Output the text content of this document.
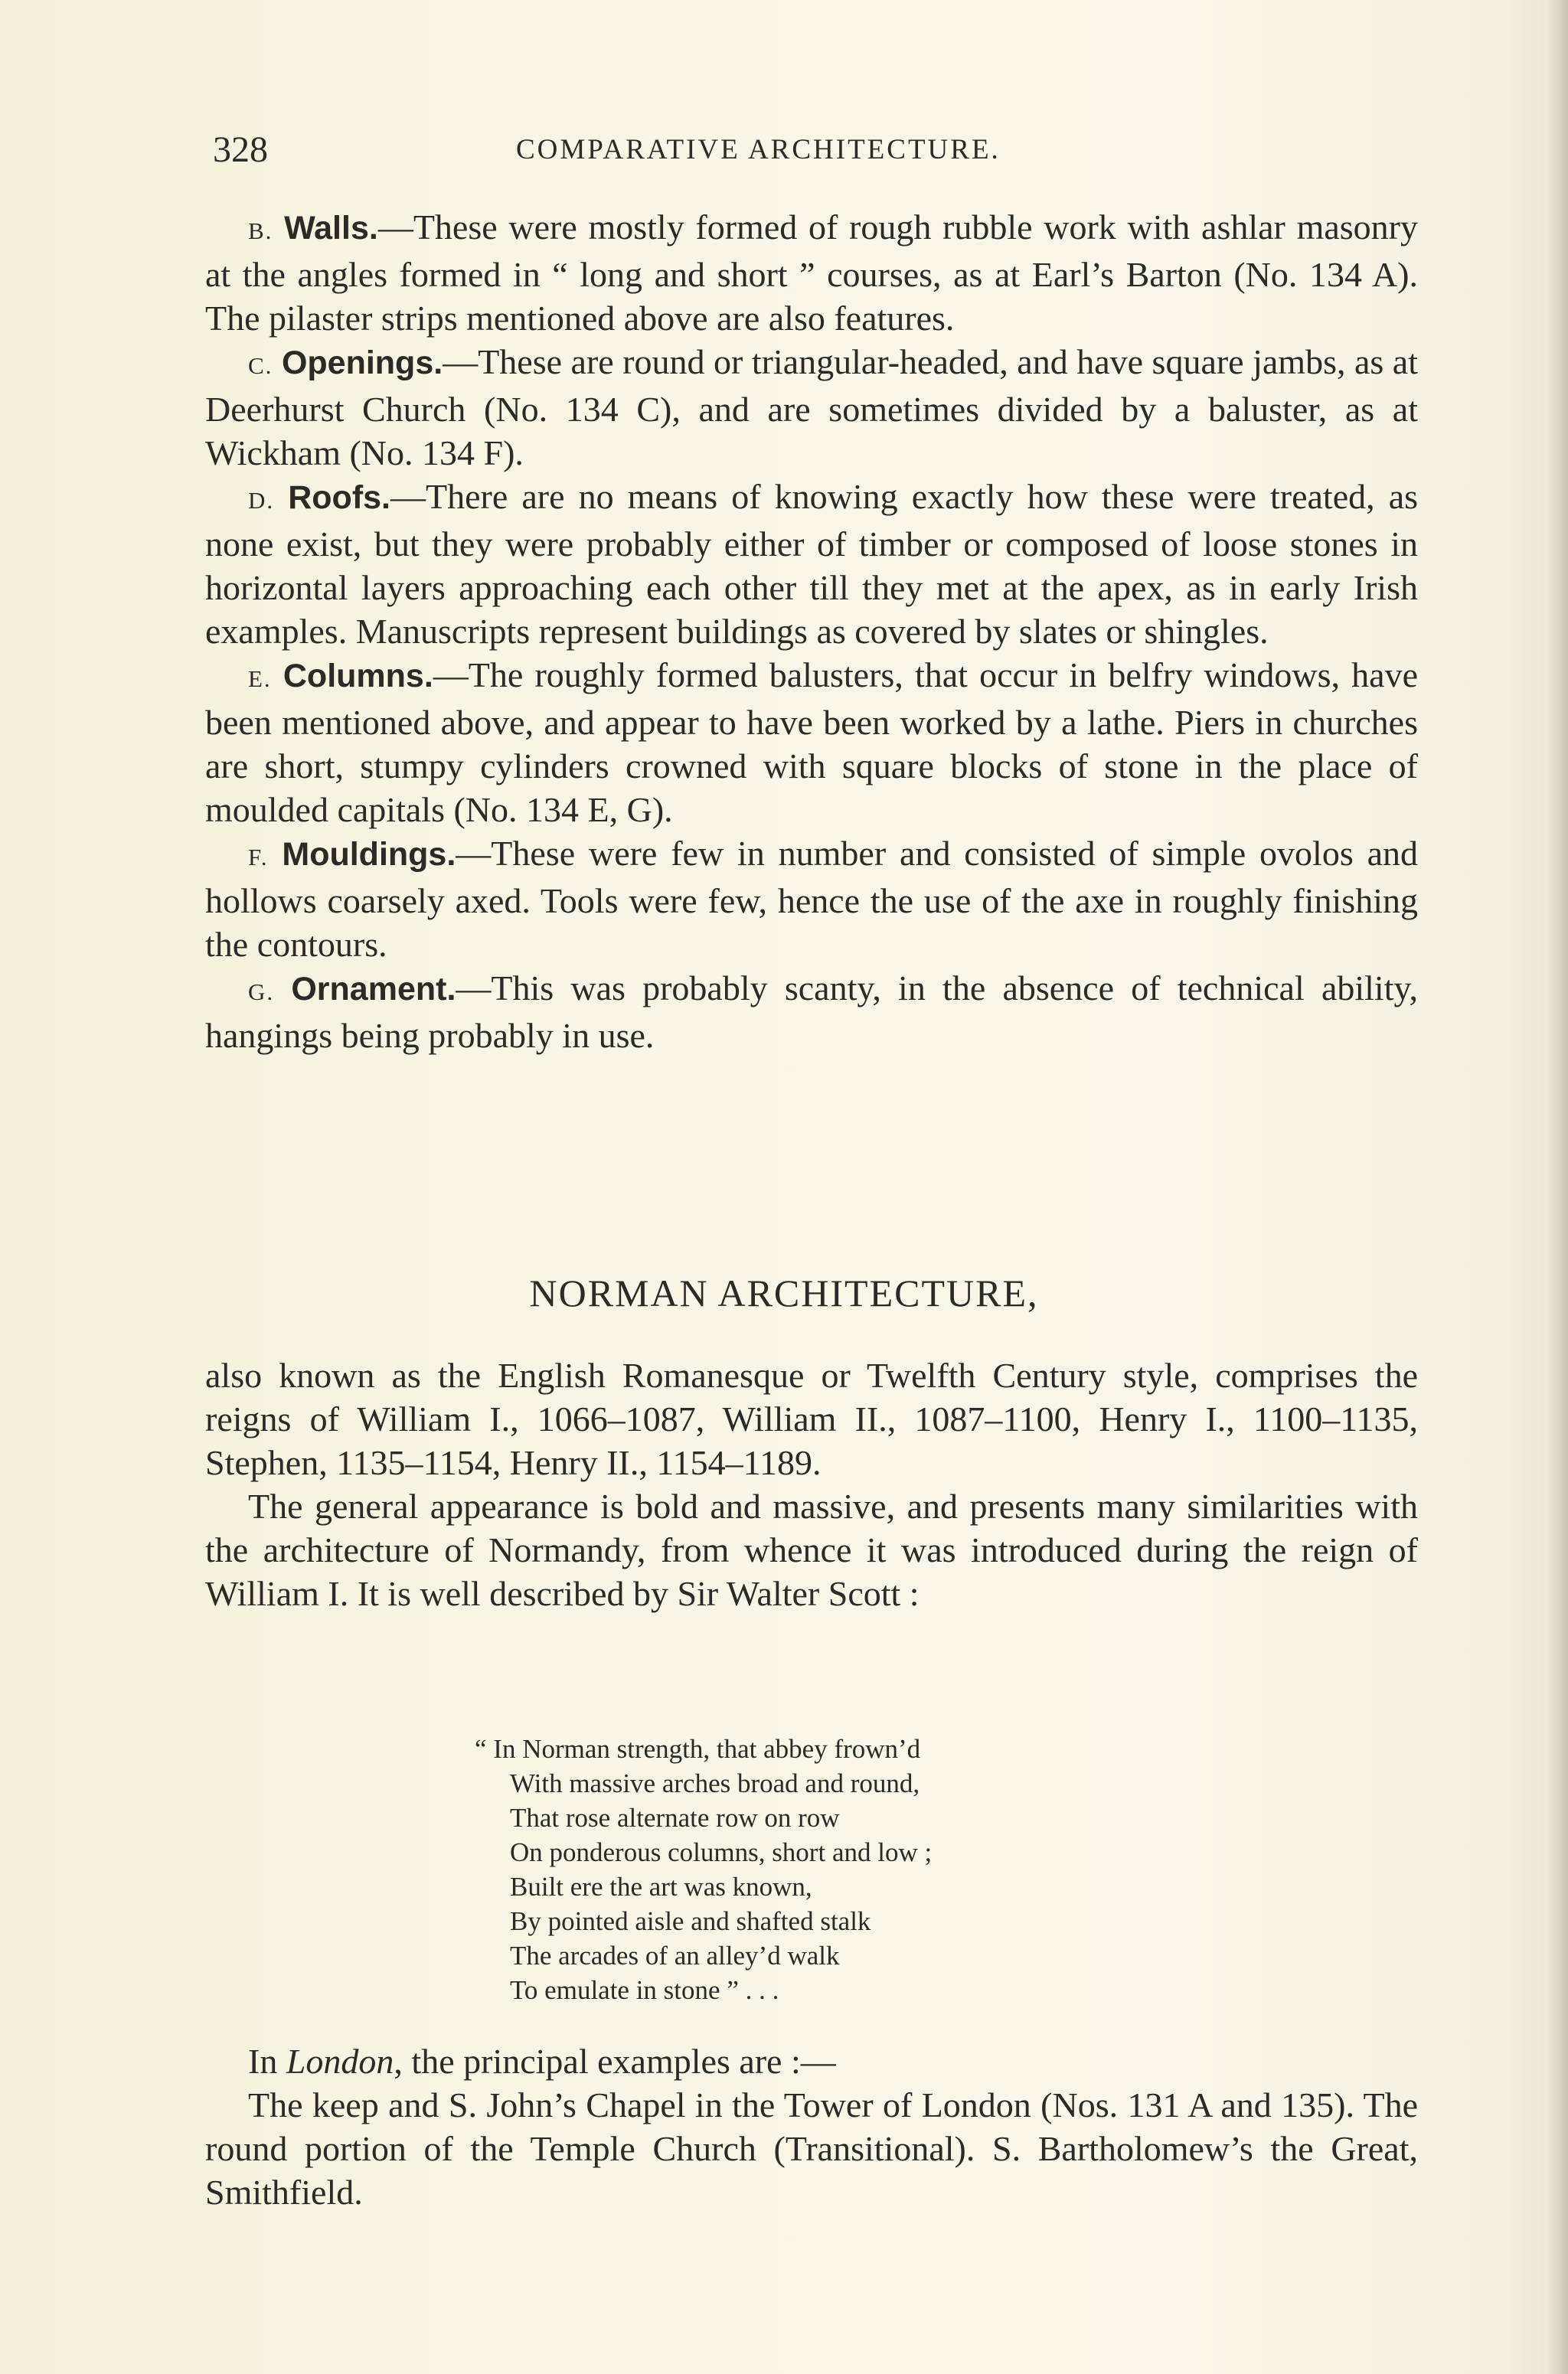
328	COMPARATIVE ARCHITECTURE.

B. Walls.—These were mostly formed of rough rubble work with ashlar masonry at the angles formed in “ long and short ” courses, as at Earl’s Barton (No. 134 A). The pilaster strips mentioned above are also features.

C. Openings.—These are round or triangular-headed, and have square jambs, as at Deerhurst Church (No. 134 C), and are sometimes divided by a baluster, as at Wickham (No. 134 F).

D. Roofs.—There are no means of knowing exactly how these were treated, as none exist, but they were probably either of timber or composed of loose stones in horizontal layers approaching each other till they met at the apex, as in early Irish examples. Manuscripts represent buildings as covered by slates or shingles.

E. Columns.—The roughly formed balusters, that occur in belfry windows, have been mentioned above, and appear to have been worked by a lathe. Piers in churches are short, stumpy cylinders crowned with square blocks of stone in the place of moulded capitals (No. 134 E, G).

F. Mouldings.—These were few in number and consisted of simple ovolos and hollows coarsely axed. Tools were few, hence the use of the axe in roughly finishing the contours.

G. Ornament.—This was probably scanty, in the absence of technical ability, hangings being probably in use.

NORMAN ARCHITECTURE,

also known as the English Romanesque or Twelfth Century style, comprises the reigns of William I., 1066–1087, William II., 1087–1100, Henry I., 1100–1135, Stephen, 1135–1154, Henry II., 1154–1189.

The general appearance is bold and massive, and presents many similarities with the architecture of Normandy, from whence it was introduced during the reign of William I. It is well described by Sir Walter Scott :

“ In Norman strength, that abbey frown’d
With massive arches broad and round,
That rose alternate row on row
On ponderous columns, short and low ;
Built ere the art was known,
By pointed aisle and shafted stalk
The arcades of an alley’d walk
To emulate in stone ” . . .

In London, the principal examples are :—

The keep and S. John’s Chapel in the Tower of London (Nos. 131 A and 135). The round portion of the Temple Church (Transitional). S. Bartholomew’s the Great, Smithfield.
